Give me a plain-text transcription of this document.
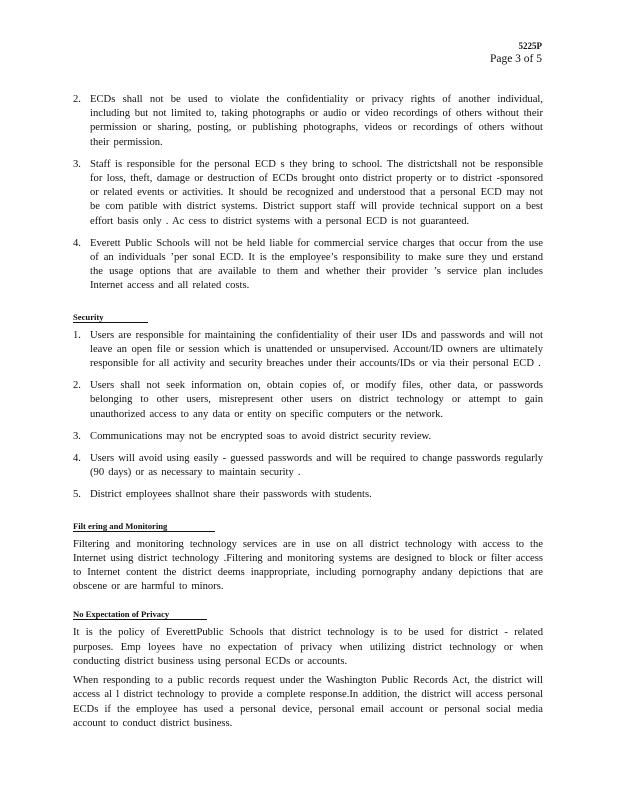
5225P
Page 3 of 5
2. ECDs shall not be used to violate the confidentiality or privacy rights of another individual, including but not limited to, taking photographs or audio or video recordings of others without their permission or sharing, posting, or publishing photographs, videos or recordings of others without their permission.
3. Staff is responsible for the personal ECD s they bring to school. The districtshall not be responsible for loss, theft, damage or destruction of ECDs brought onto district property or to district -sponsored or related events or activities. It should be recognized and understood that a personal ECD may not be com patible with district systems. District support staff will provide technical support on a best effort basis only . Ac cess to district systems with a personal ECD is not guaranteed.
4. Everett Public Schools will not be held liable for commercial service charges that occur from the use of an individuals ’per sonal ECD. It is the employee’s responsibility to make sure they und erstand the usage options that are available to them and whether their provider ’s service plan includes Internet access and all related costs.
Security
1. Users are responsible for maintaining the confidentiality of their user IDs and passwords and will not leave an open file or session which is unattended or unsupervised. Account/ID owners are ultimately responsible for all activity and security breaches under their accounts/IDs or via their personal ECD .
2. Users shall not seek information on, obtain copies of, or modify files, other data, or passwords belonging to other users, misrepresent other users on district technology or attempt to gain unauthorized access to any data or entity on specific computers or the network.
3. Communications may not be encrypted soas to avoid district security review.
4. Users will avoid using easily - guessed passwords and will be required to change passwords regularly (90 days) or as necessary to maintain security .
5. District employees shallnot share their passwords with students.
Filt ering and Monitoring
Filtering and monitoring technology services are in use on all district technology with access to the Internet using district technology .Filtering and monitoring systems are designed to block or filter access to Internet content the district deems inappropriate, including pornography andany depictions that are obscene or are harmful to minors.
No Expectation of Privacy
It is the policy of EverettPublic Schools that district technology is to be used for district - related purposes. Emp loyees have no expectation of privacy when utilizing district technology or when conducting district business using personal ECDs or accounts.
When responding to a public records request under the Washington Public Records Act, the district will access al l district technology to provide a complete response.In addition, the district will access personal ECDs if the employee has used a personal device, personal email account or personal social media account to conduct district business.
